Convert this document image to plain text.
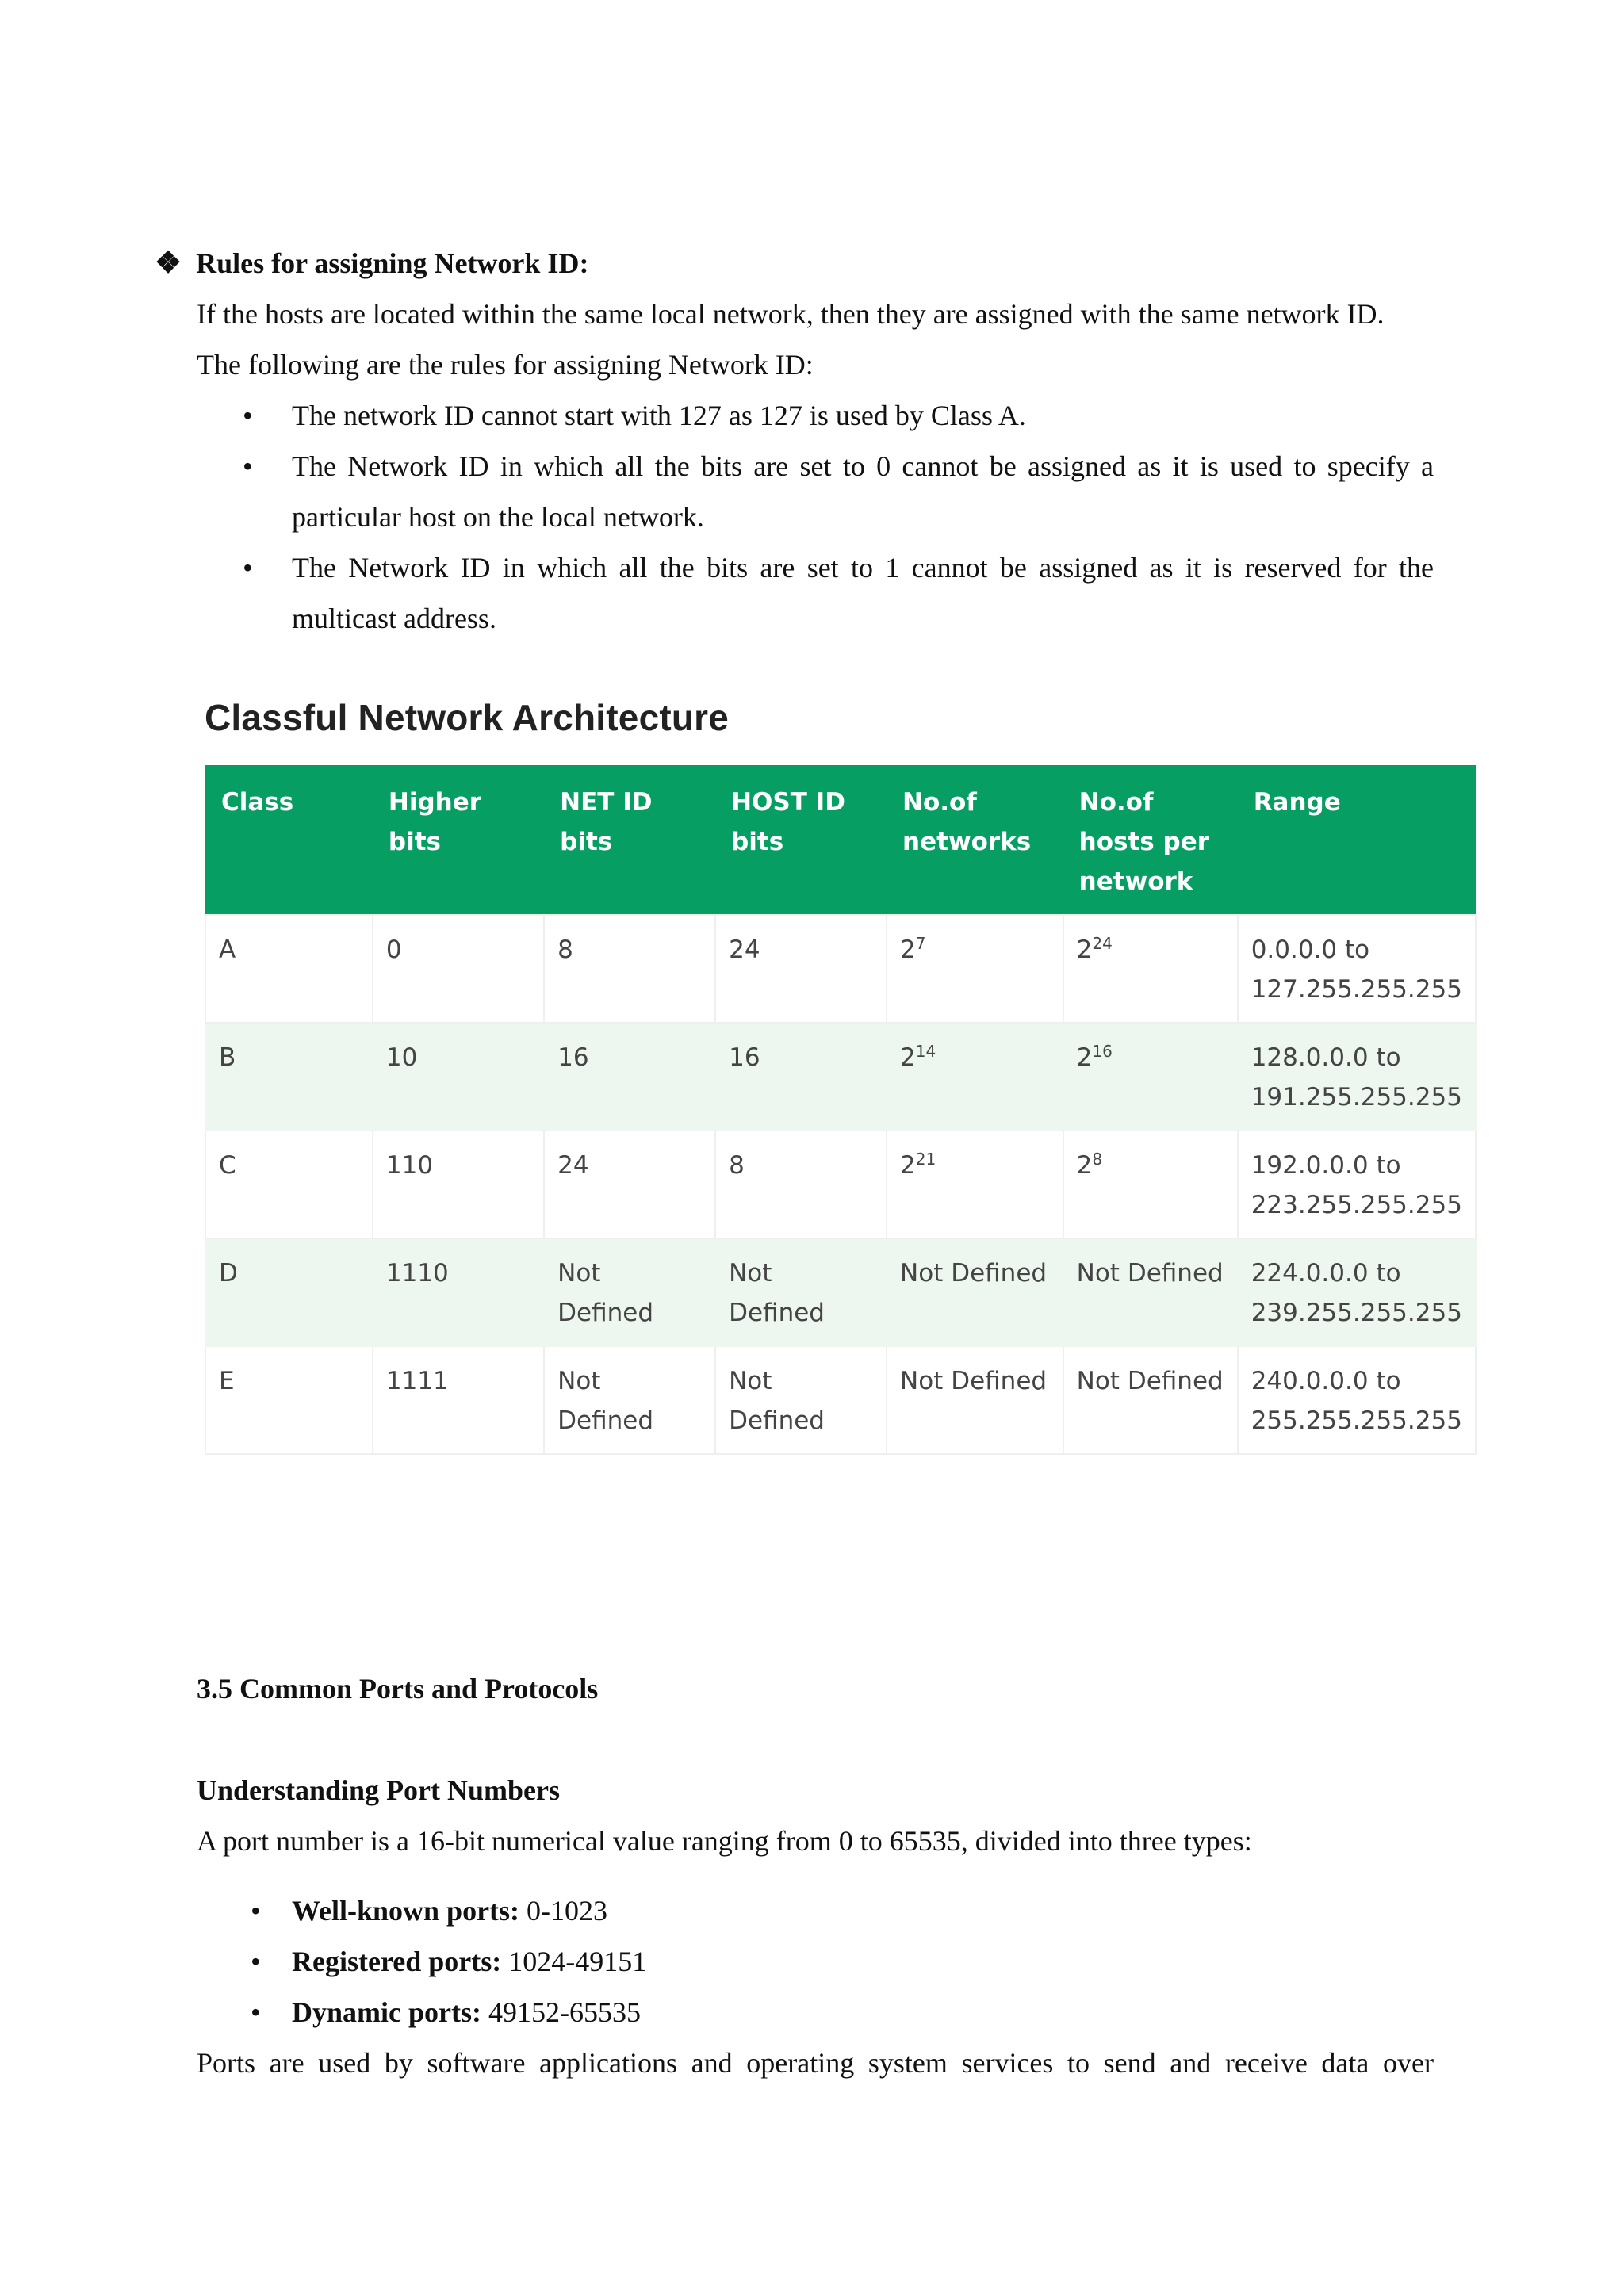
❖ Rules for assigning Network ID:
If the hosts are located within the same local network, then they are assigned with the same network ID.
The following are the rules for assigning Network ID:
• The network ID cannot start with 127 as 127 is used by Class A.
• The Network ID in which all the bits are set to 0 cannot be assigned as it is used to specify a particular host on the local network.
• The Network ID in which all the bits are set to 1 cannot be assigned as it is reserved for the multicast address.
Classful Network Architecture
Class	Higher bits	NET ID bits	HOST ID bits	No.of networks	No.of hosts per network	Range
A	0	8	24	$2^7$	$2^{24}$	0.0.0.0 to
127.255.255.255
B	10	16	16	$2^{14}$	$2^{16}$	128.0.0.0 to
191.255.255.255
C	110	24	8	$2^{21}$	$2^8$	192.0.0.0 to
223.255.255.255
D	1110	Not Defined	Not Defined	Not Defined	Not Defined	224.0.0.0 to
239.255.255.255
E	1111	Not Defined	Not Defined	Not Defined	Not Defined	240.0.0.0 to
255.255.255.255
3.5 Common Ports and Protocols
Understanding Port Numbers
A port number is a 16-bit numerical value ranging from 0 to 65535, divided into three types:
• Well-known ports: 0-1023
• Registered ports: 1024-49151
• Dynamic ports: 49152-65535
Ports are used by software applications and operating system services to send and receive data over
